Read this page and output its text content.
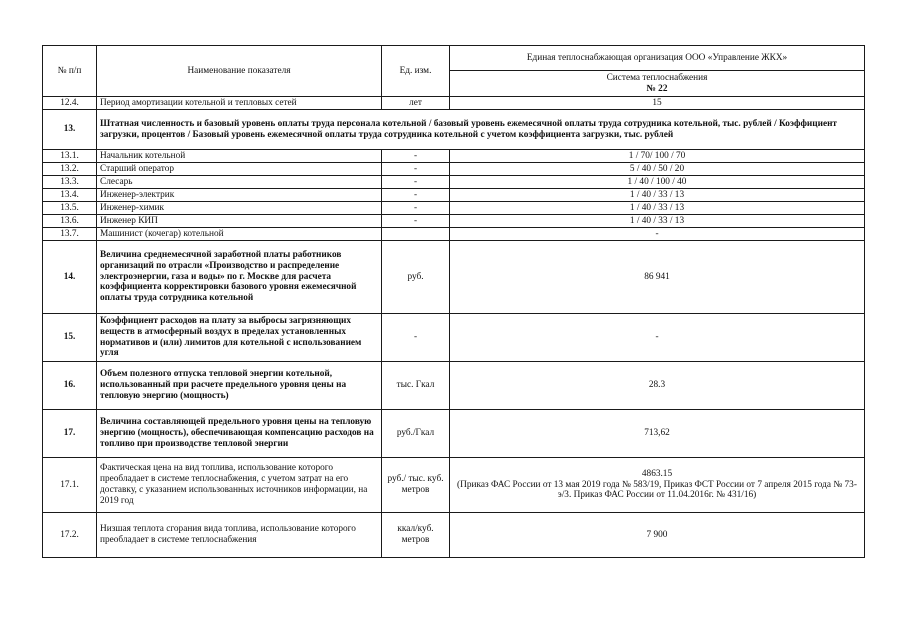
№ п/п	Наименование показателя	Ед. изм.	Единая теплоснабжающая организация ООО «Управление ЖКХ»

			Система теплоснабжения
№ 22

12.4.	Период амортизации котельной и тепловых сетей	лет	15
13.	Штатная численность и базовый уровень оплаты труда персонала котельной / базовый уровень ежемесячной оплаты труда сотрудника котельной, тыс. рублей / Коэффициент загрузки, процентов / Базовый уровень ежемесячной оплаты труда сотрудника котельной с учетом коэффициента загрузки, тыс. рублей		
13.1.	Начальник котельной	-	1 / 70/ 100 / 70
13.2.	Старший оператор	-	5 / 40 / 50 / 20
13.3.	Слесарь	-	1 / 40 / 100 / 40
13.4.	Инженер-электрик	-	1 / 40 / 33 / 13
13.5.	Инженер-химик	-	1 / 40 / 33 / 13
13.6.	Инженер КИП	-	1 / 40 / 33 / 13
13.7.	Машинист (кочегар) котельной		-
14.	Величина среднемесячной заработной платы работников организаций по отрасли «Производство и распределение электроэнергии, газа и воды» по г. Москве для расчета коэффициента корректировки базового уровня ежемесячной оплаты труда сотрудника котельной	руб.	86 941
15.	Коэффициент расходов на плату за выбросы загрязняющих веществ в атмосферный воздух в пределах установленных нормативов и (или) лимитов для котельной с использованием угля	-	-
16.	Объем полезного отпуска тепловой энергии котельной, использованный при расчете предельного уровня цены на тепловую энергию (мощность)	тыс. Гкал	28.3
17.	Величина составляющей предельного уровня цены на тепловую энергию (мощность), обеспечивающая компенсацию расходов на топливо при производстве тепловой энергии	руб./Гкал	713,62
17.1.	Фактическая цена на вид топлива, использование которого преобладает в системе теплоснабжения, с учетом затрат на его доставку, с указанием использованных источников информации, на 2019 год	руб./ тыс. куб. метров	4863.15
(Приказ ФАС России от 13 мая 2019 года № 583/19, Приказ ФСТ России от 7 апреля 2015 года № 73-э/3. Приказ ФАС России от 11.04.2016г. № 431/16)

17.2.	Низшая теплота сгорания вида топлива, использование которого преобладает в системе теплоснабжения	ккал/куб. метров	7 900
